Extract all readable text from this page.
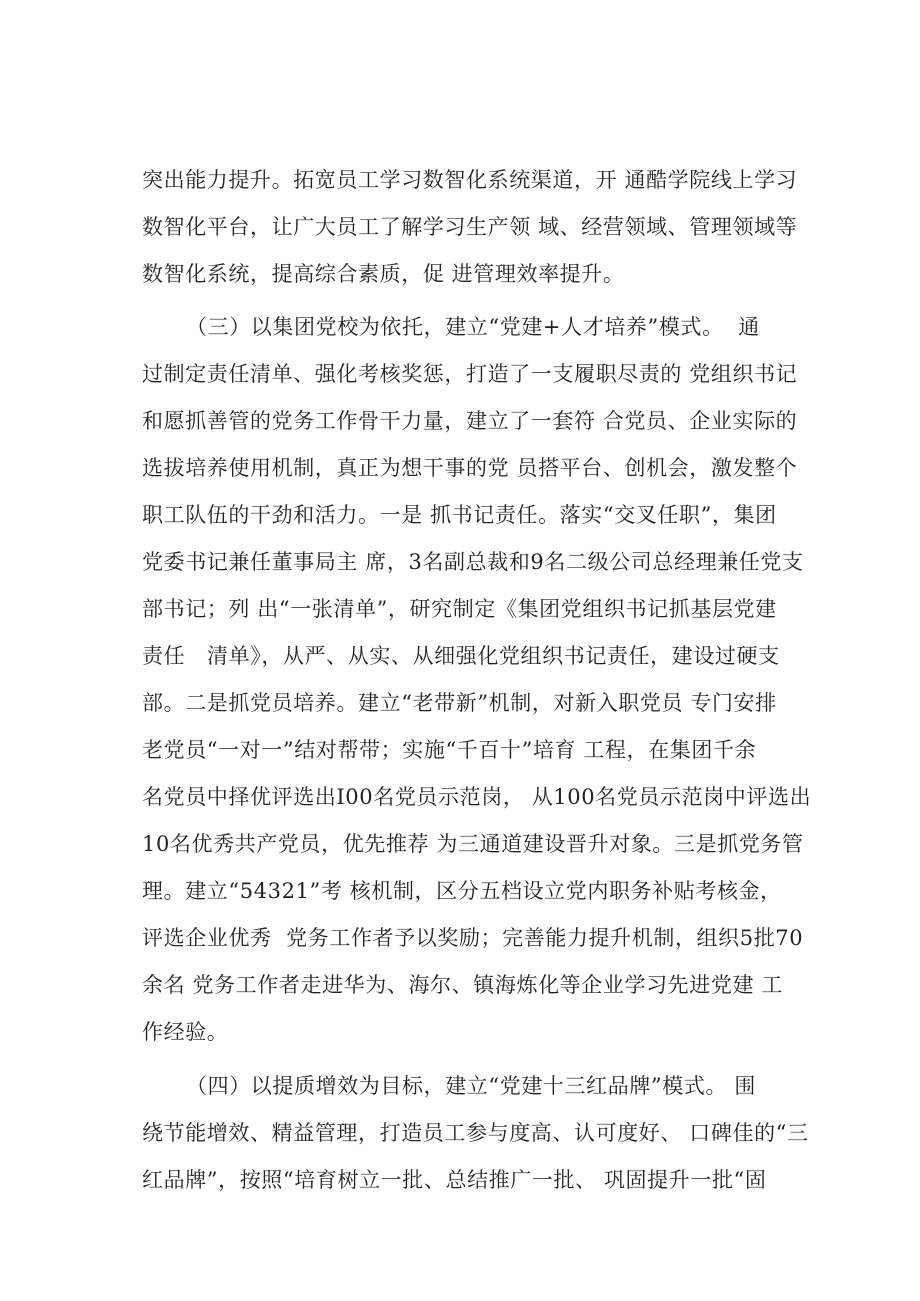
突出能力提升。拓宽员工学习数智化系统渠道，开 通酷学院线上学习
数智化平台，让广大员工了解学习生产领 域、经营领域、管理领域等
数智化系统，提高综合素质，促 进管理效率提升。
（三）以集团党校为依托，建立“党建+人才培养”模式。  通
过制定责任清单、强化考核奖惩，打造了一支履职尽责的 党组织书记
和愿抓善管的党务工作骨干力量，建立了一套符 合党员、企业实际的
选拔培养使用机制，真正为想干事的党 员搭平台、创机会，激发整个
职工队伍的干劲和活力。一是 抓书记责任。落实“交叉任职”，集团
党委书记兼任董事局主 席，3名副总裁和9名二级公司总经理兼任党支
部书记；列 出“一张清单”，研究制定《集团党组织书记抓基层党建
责任   清单》，从严、从实、从细强化党组织书记责任，建设过硬支
部。二是抓党员培养。建立“老带新”机制，对新入职党员 专门安排
老党员“一对一”结对帮带；实施“千百十”培育 工程，在集团千余
名党员中择优评选出I00名党员示范岗， 从100名党员示范岗中评选出
10名优秀共产党员，优先推荐 为三通道建设晋升对象。三是抓党务管
理。建立“54321”考 核机制，区分五档设立党内职务补贴考核金，
评选企业优秀  党务工作者予以奖励；完善能力提升机制，组织5批70
余名 党务工作者走进华为、海尔、镇海炼化等企业学习先进党建 工
作经验。
（四）以提质增效为目标，建立“党建十三红品牌”模式。 围
绕节能增效、精益管理，打造员工参与度高、认可度好、 口碑佳的“三
红品牌”，按照“培育树立一批、总结推广一批、 巩固提升一批“固
